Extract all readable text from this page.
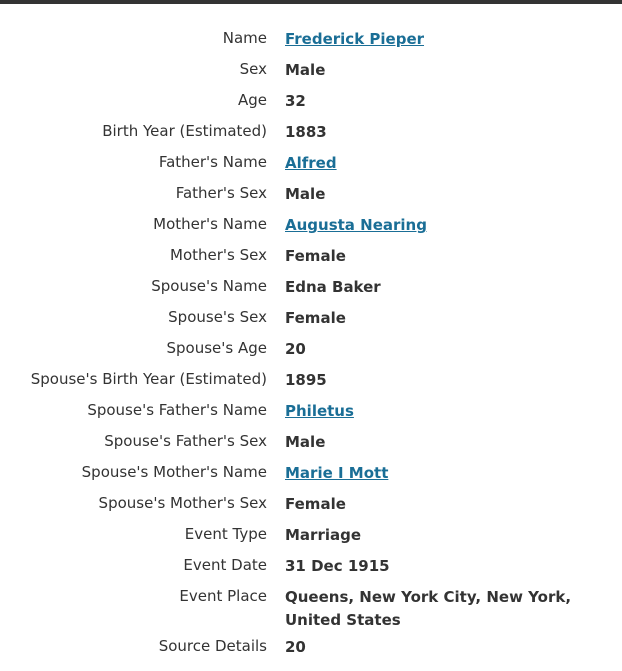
Name Frederick Pieper
Sex Male
Age 32
Birth Year (Estimated) 1883
Father's Name Alfred
Father's Sex Male
Mother's Name Augusta Nearing
Mother's Sex Female
Spouse's Name Edna Baker
Spouse's Sex Female
Spouse's Age 20
Spouse's Birth Year (Estimated) 1895
Spouse's Father's Name Philetus
Spouse's Father's Sex Male
Spouse's Mother's Name Marie I Mott
Spouse's Mother's Sex Female
Event Type Marriage
Event Date 31 Dec 1915
Event Place Queens, New York City, New York, United States
Source Details 20
